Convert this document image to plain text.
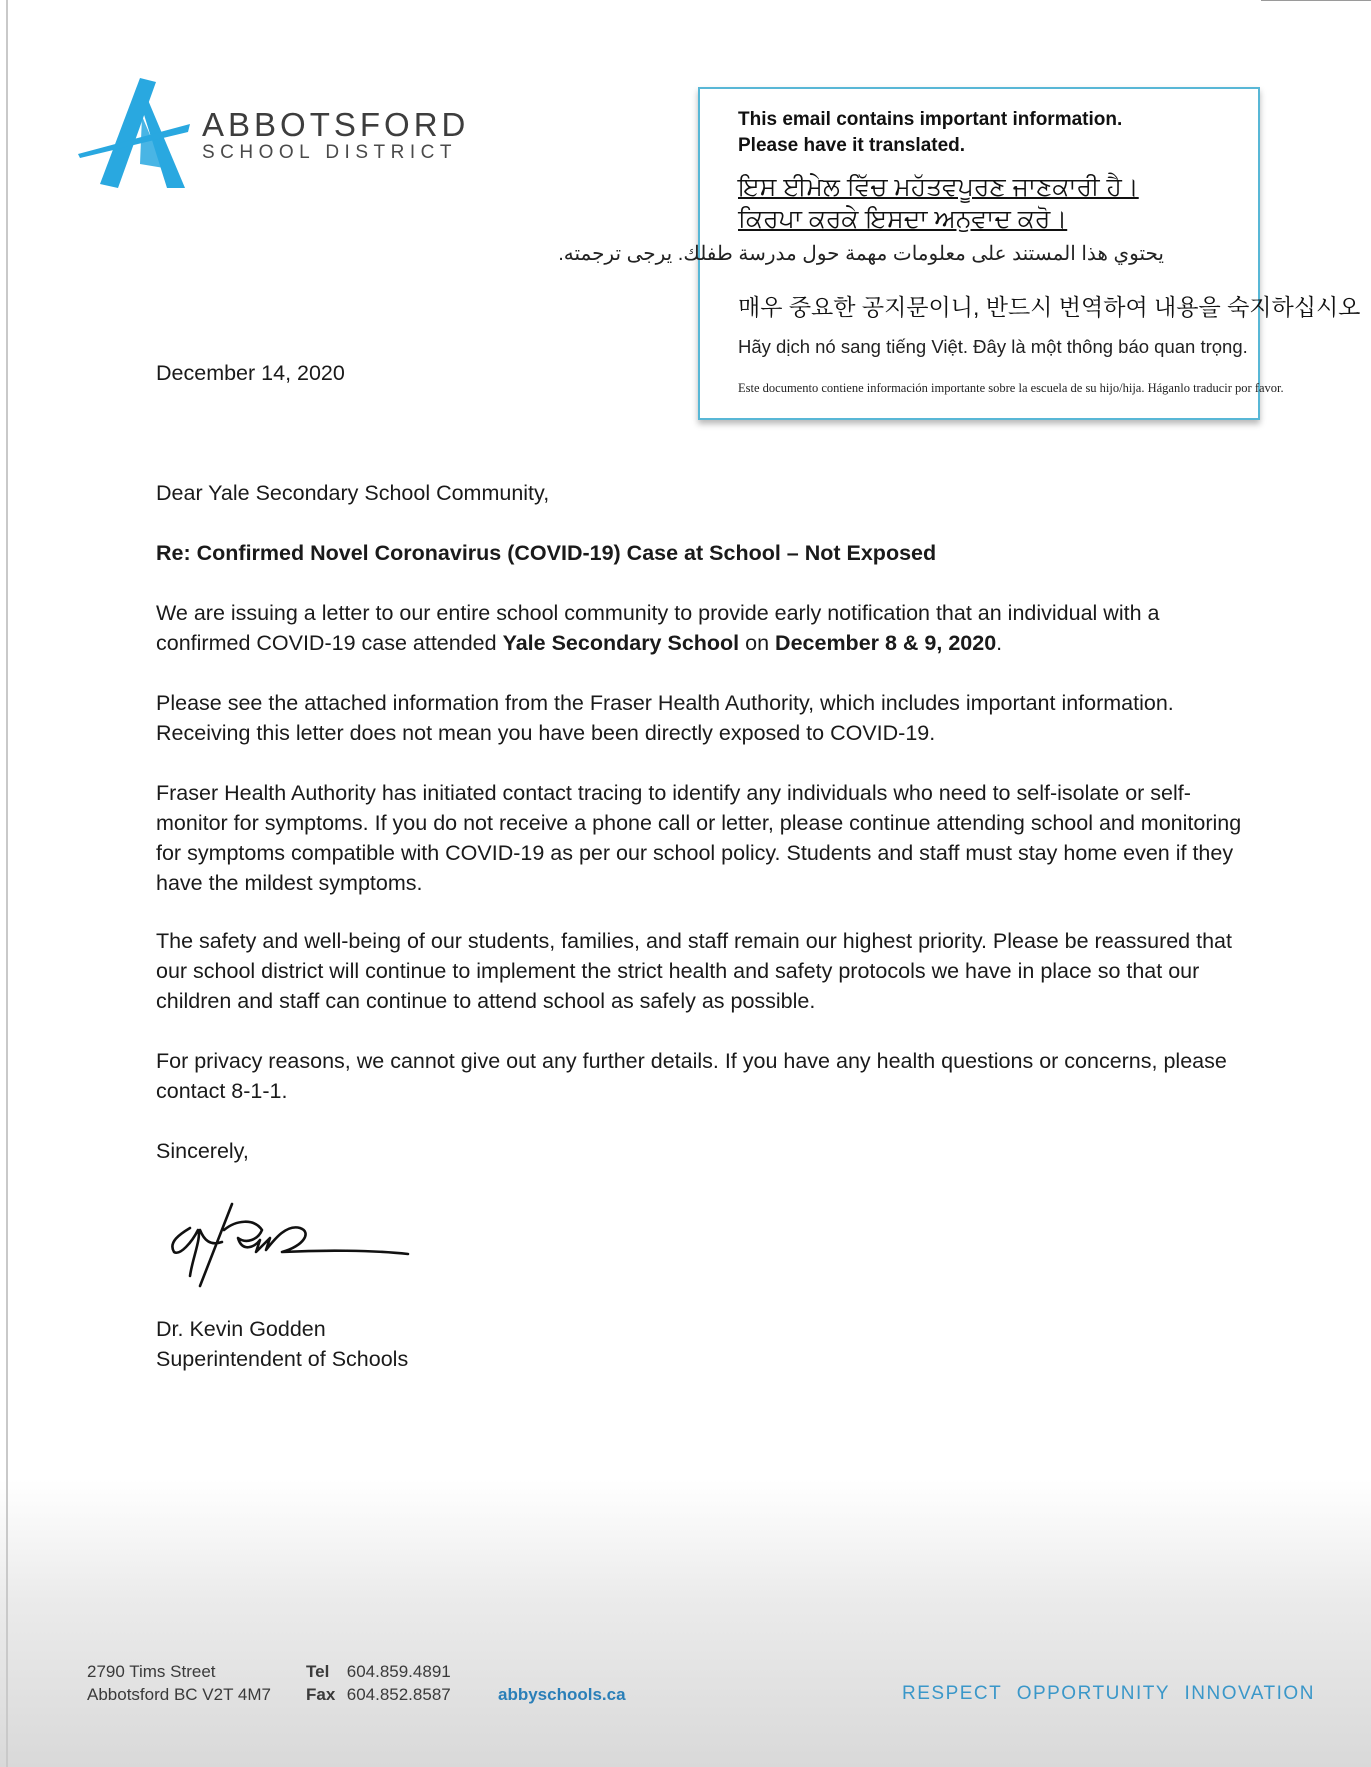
ABBOTSFORD
SCHOOL DISTRICT
This email contains important information.
Please have it translated.
ਇਸ ਈਮੇਲ ਵਿੱਚ ਮਹੱਤਵਪੂਰਣ ਜਾਣਕਾਰੀ ਹੈ।
ਕਿਰਪਾ ਕਰਕੇ ਇਸਦਾ ਅਨੁਵਾਦ ਕਰੋ।
يحتوي هذا المستند على معلومات مهمة حول مدرسة طفلك. يرجى ترجمته.
매우 중요한 공지문이니, 반드시 번역하여 내용을 숙지하십시오
Hãy dịch nó sang tiếng Việt. Đây là một thông báo quan trọng.
Este documento contiene información importante sobre la escuela de su hijo/hija. Háganlo traducir por favor.
December 14, 2020
Dear Yale Secondary School Community,
Re: Confirmed Novel Coronavirus (COVID-19) Case at School – Not Exposed

We are issuing a letter to our entire school community to provide early notification that an individual with a confirmed COVID-19 case attended Yale Secondary School on December 8 & 9, 2020.

Please see the attached information from the Fraser Health Authority, which includes important information. Receiving this letter does not mean you have been directly exposed to COVID-19.

Fraser Health Authority has initiated contact tracing to identify any individuals who need to self-isolate or self-monitor for symptoms. If you do not receive a phone call or letter, please continue attending school and monitoring for symptoms compatible with COVID-19 as per our school policy. Students and staff must stay home even if they have the mildest symptoms.

The safety and well-being of our students, families, and staff remain our highest priority. Please be reassured that our school district will continue to implement the strict health and safety protocols we have in place so that our children and staff can continue to attend school as safely as possible.

For privacy reasons, we cannot give out any further details. If you have any health questions or concerns, please contact 8-1-1.

Sincerely,
Dr. Kevin Godden
Superintendent of Schools
2790 Tims Street
Abbotsford BC V2T 4M7
Tel 604.859.4891
Fax 604.852.8587	abbyschools.ca	RESPECT OPPORTUNITY INNOVATION
